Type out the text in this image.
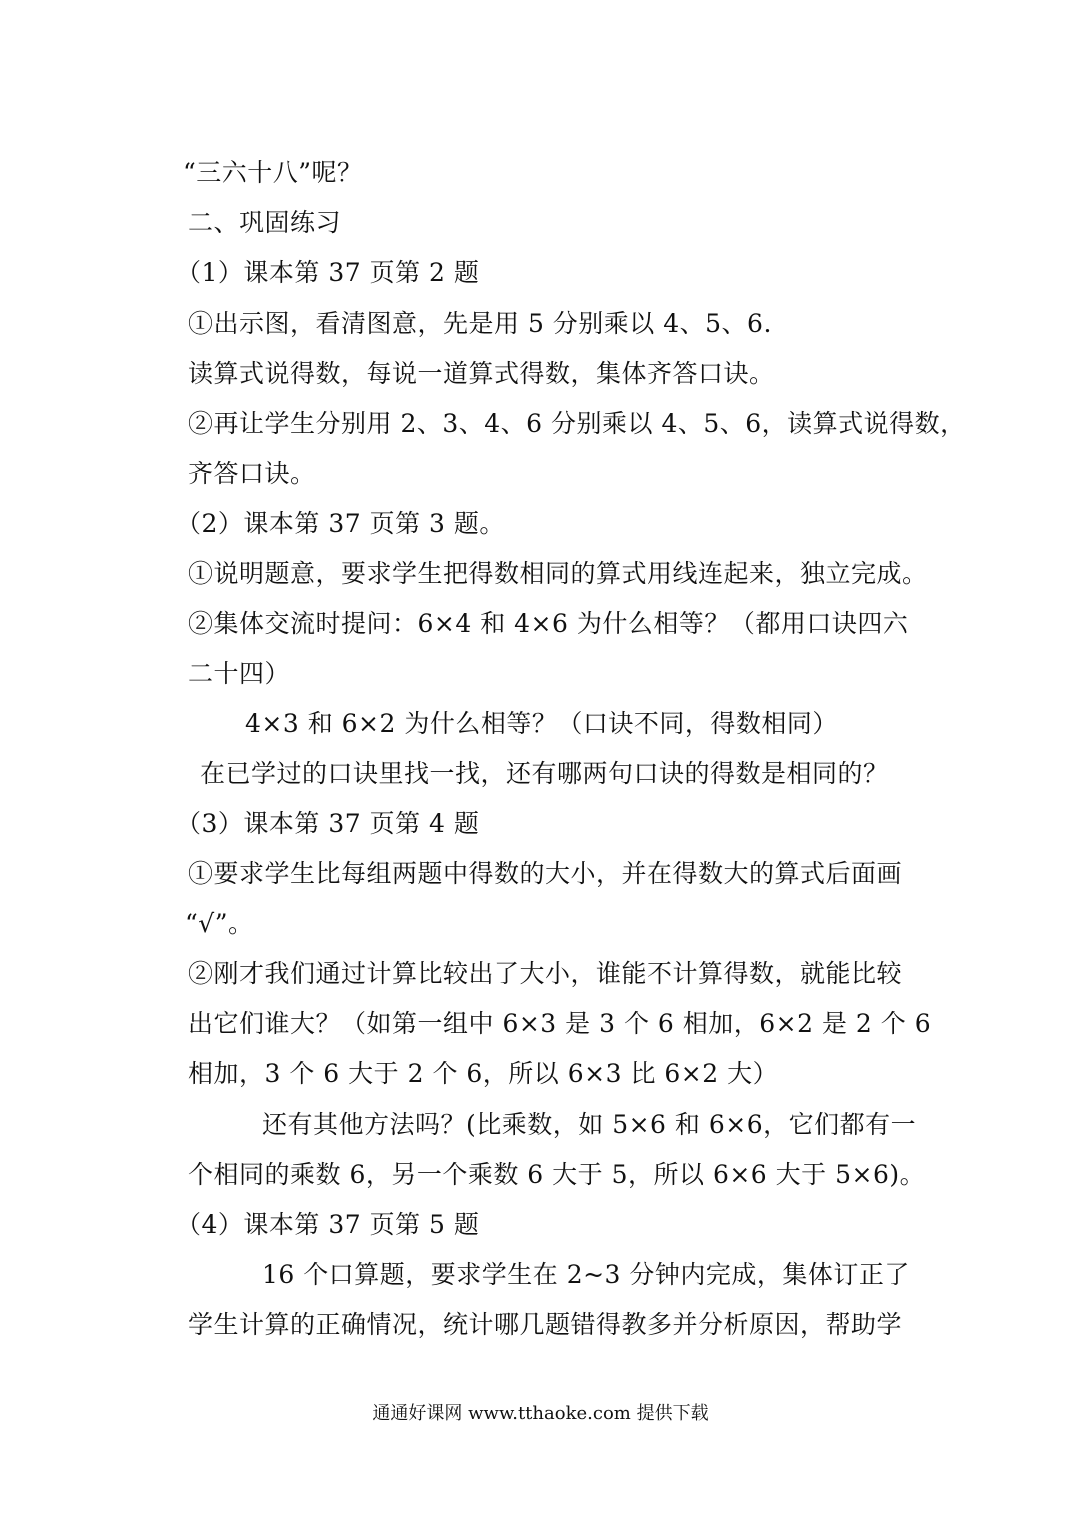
“三六十八”呢？
二、巩固练习
（1）课本第 37 页第 2 题
①出示图，看清图意，先是用 5 分别乘以 4、5、6.
读算式说得数，每说一道算式得数，集体齐答口诀。
②再让学生分别用 2、3、4、6 分别乘以 4、5、6，读算式说得数，
齐答口诀。
（2）课本第 37 页第 3 题。
①说明题意，要求学生把得数相同的算式用线连起来，独立完成。
②集体交流时提问：6×4 和 4×6 为什么相等？（都用口诀四六
二十四）
4×3 和 6×2 为什么相等？（口诀不同，得数相同）
在已学过的口诀里找一找，还有哪两句口诀的得数是相同的？
（3）课本第 37 页第 4 题
①要求学生比每组两题中得数的大小，并在得数大的算式后面画
“√”。
②刚才我们通过计算比较出了大小，谁能不计算得数，就能比较
出它们谁大？（如第一组中 6×3 是 3 个 6 相加，6×2 是 2 个 6
相加，3 个 6 大于 2 个 6，所以 6×3 比 6×2 大）
还有其他方法吗？(比乘数，如 5×6 和 6×6，它们都有一
个相同的乘数 6，另一个乘数 6 大于 5，所以 6×6 大于 5×6)。
（4）课本第 37 页第 5 题
16 个口算题，要求学生在 2~3 分钟内完成，集体订正了
学生计算的正确情况，统计哪几题错得教多并分析原因，帮助学
通通好课网 www.tthaoke.com 提供下载
